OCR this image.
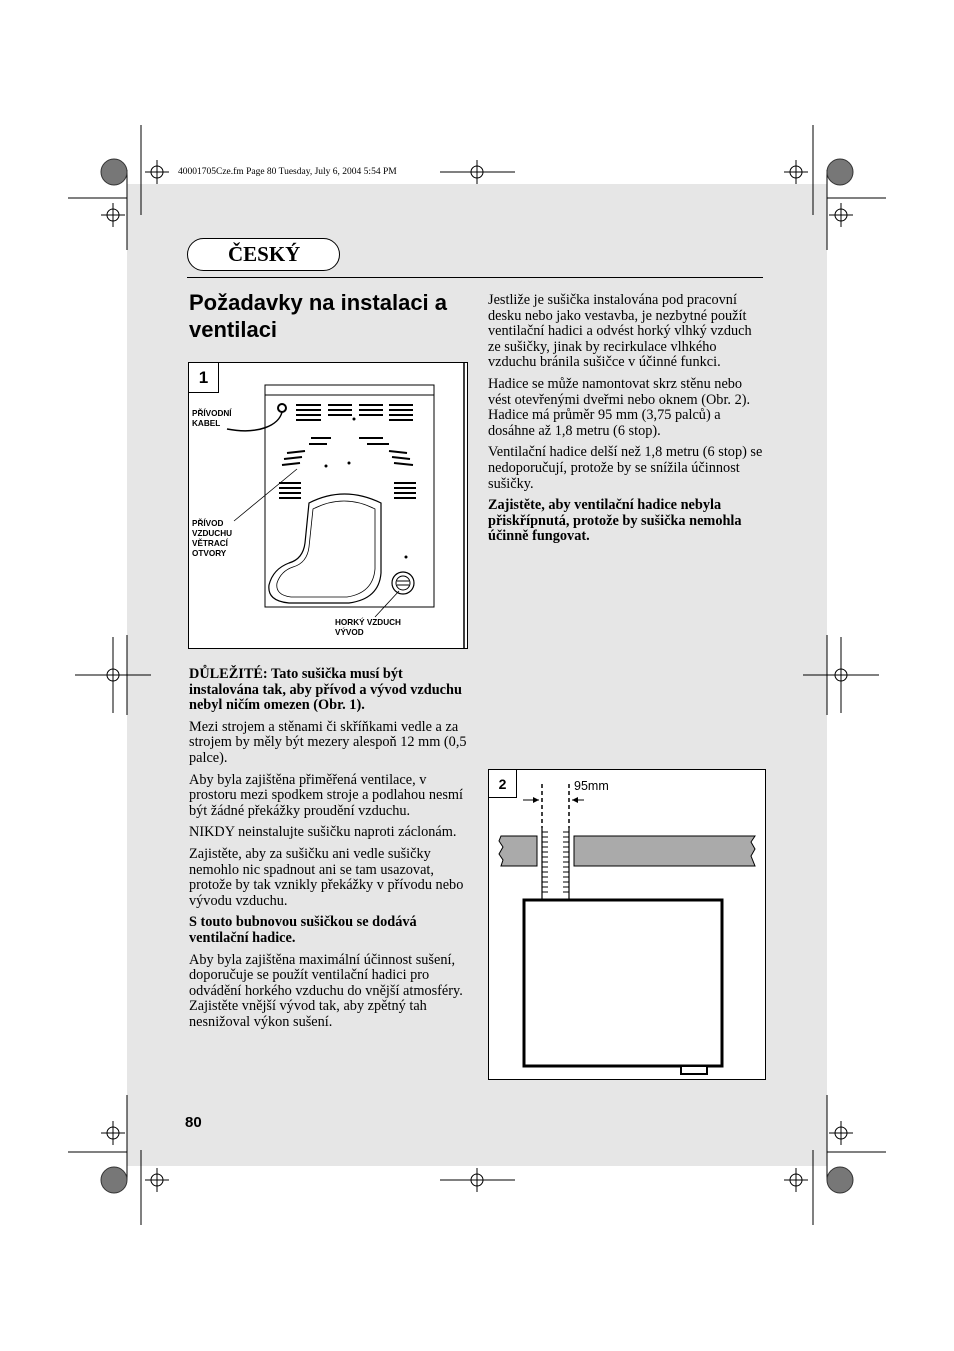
40001705Cze.fm Page 80 Tuesday, July 6, 2004 5:54 PM
ČESKÝ
Požadavky na instalaci a ventilaci
1
PŘÍVODNÍ
KABEL
PŘÍVOD
VZDUCHU
VĚTRACÍ
OTVORY
HORKÝ VZDUCH
VÝVOD
2	95mm

DŮLEŽITÉ: Tato sušička musí být instalována tak, aby přívod a vývod vzduchu nebyl ničím omezen (Obr. 1).

Mezi strojem a stěnami či skříňkami vedle a za strojem by měly být mezery alespoň 12 mm (0,5 palce).

Aby byla zajištěna přiměřená ventilace, v prostoru mezi spodkem stroje a podlahou nesmí být žádné překážky proudění vzduchu.

NIKDY neinstalujte sušičku naproti záclonám.

Zajistěte, aby za sušičku ani vedle sušičky nemohlo nic spadnout ani se tam usazovat, protože by tak vznikly překážky v přívodu nebo vývodu vzduchu.

S touto bubnovou sušičkou se dodává ventilační hadice.

Aby byla zajištěna maximální účinnost sušení, doporučuje se použít ventilační hadici pro odvádění horkého vzduchu do vnější atmosféry. Zajistěte vnější vývod tak, aby zpětný tah nesnižoval výkon sušení.

Jestliže je sušička instalována pod pracovní desku nebo jako vestavba, je nezbytné použít ventilační hadici a odvést horký vlhký vzduch ze sušičky, jinak by recirkulace vlhkého vzduchu bránila sušičce v účinné funkci.

Hadice se může namontovat skrz stěnu nebo vést otevřenými dveřmi nebo oknem (Obr. 2). Hadice má průměr 95 mm (3,75 palců) a dosáhne až 1,8 metru (6 stop).

Ventilační hadice delší než 1,8 metru (6 stop) se nedoporučují, protože by se snížila účinnost sušičky.

Zajistěte, aby ventilační hadice nebyla přiskřípnutá, protože by sušička nemohla účinně fungovat.

80
